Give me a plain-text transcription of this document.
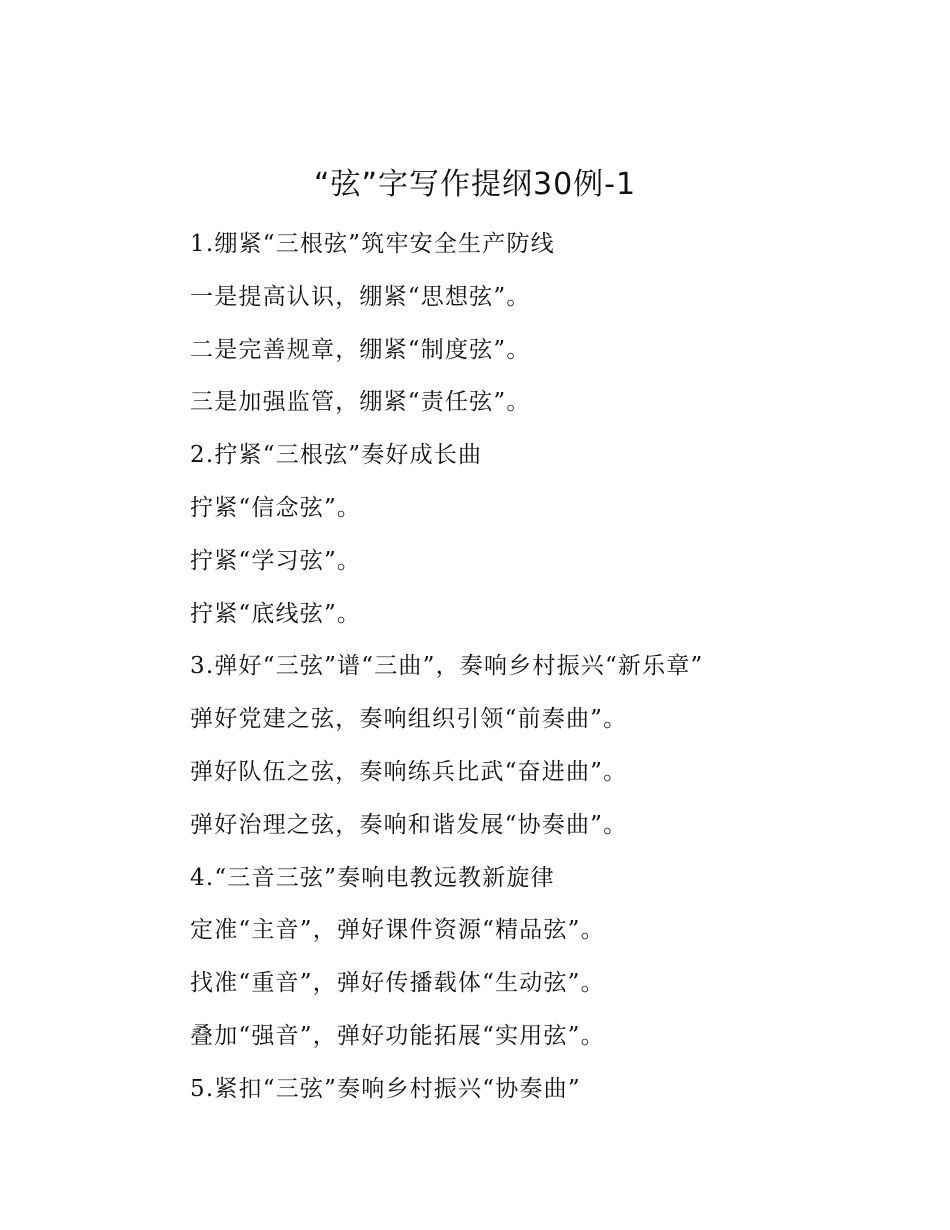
“弦”字写作提纲30例-1
1.绷紧“三根弦”筑牢安全生产防线
一是提高认识，绷紧“思想弦”。
二是完善规章，绷紧“制度弦”。
三是加强监管，绷紧“责任弦”。
2.拧紧“三根弦”奏好成长曲
拧紧“信念弦”。
拧紧“学习弦”。
拧紧“底线弦”。
3.弹好“三弦”谱“三曲”，奏响乡村振兴“新乐章”
弹好党建之弦，奏响组织引领“前奏曲”。
弹好队伍之弦，奏响练兵比武“奋进曲”。
弹好治理之弦，奏响和谐发展“协奏曲”。
4.“三音三弦”奏响电教远教新旋律
定准“主音”，弹好课件资源“精品弦”。
找准“重音”，弹好传播载体“生动弦”。
叠加“强音”，弹好功能拓展“实用弦”。
5.紧扣“三弦”奏响乡村振兴“协奏曲”
